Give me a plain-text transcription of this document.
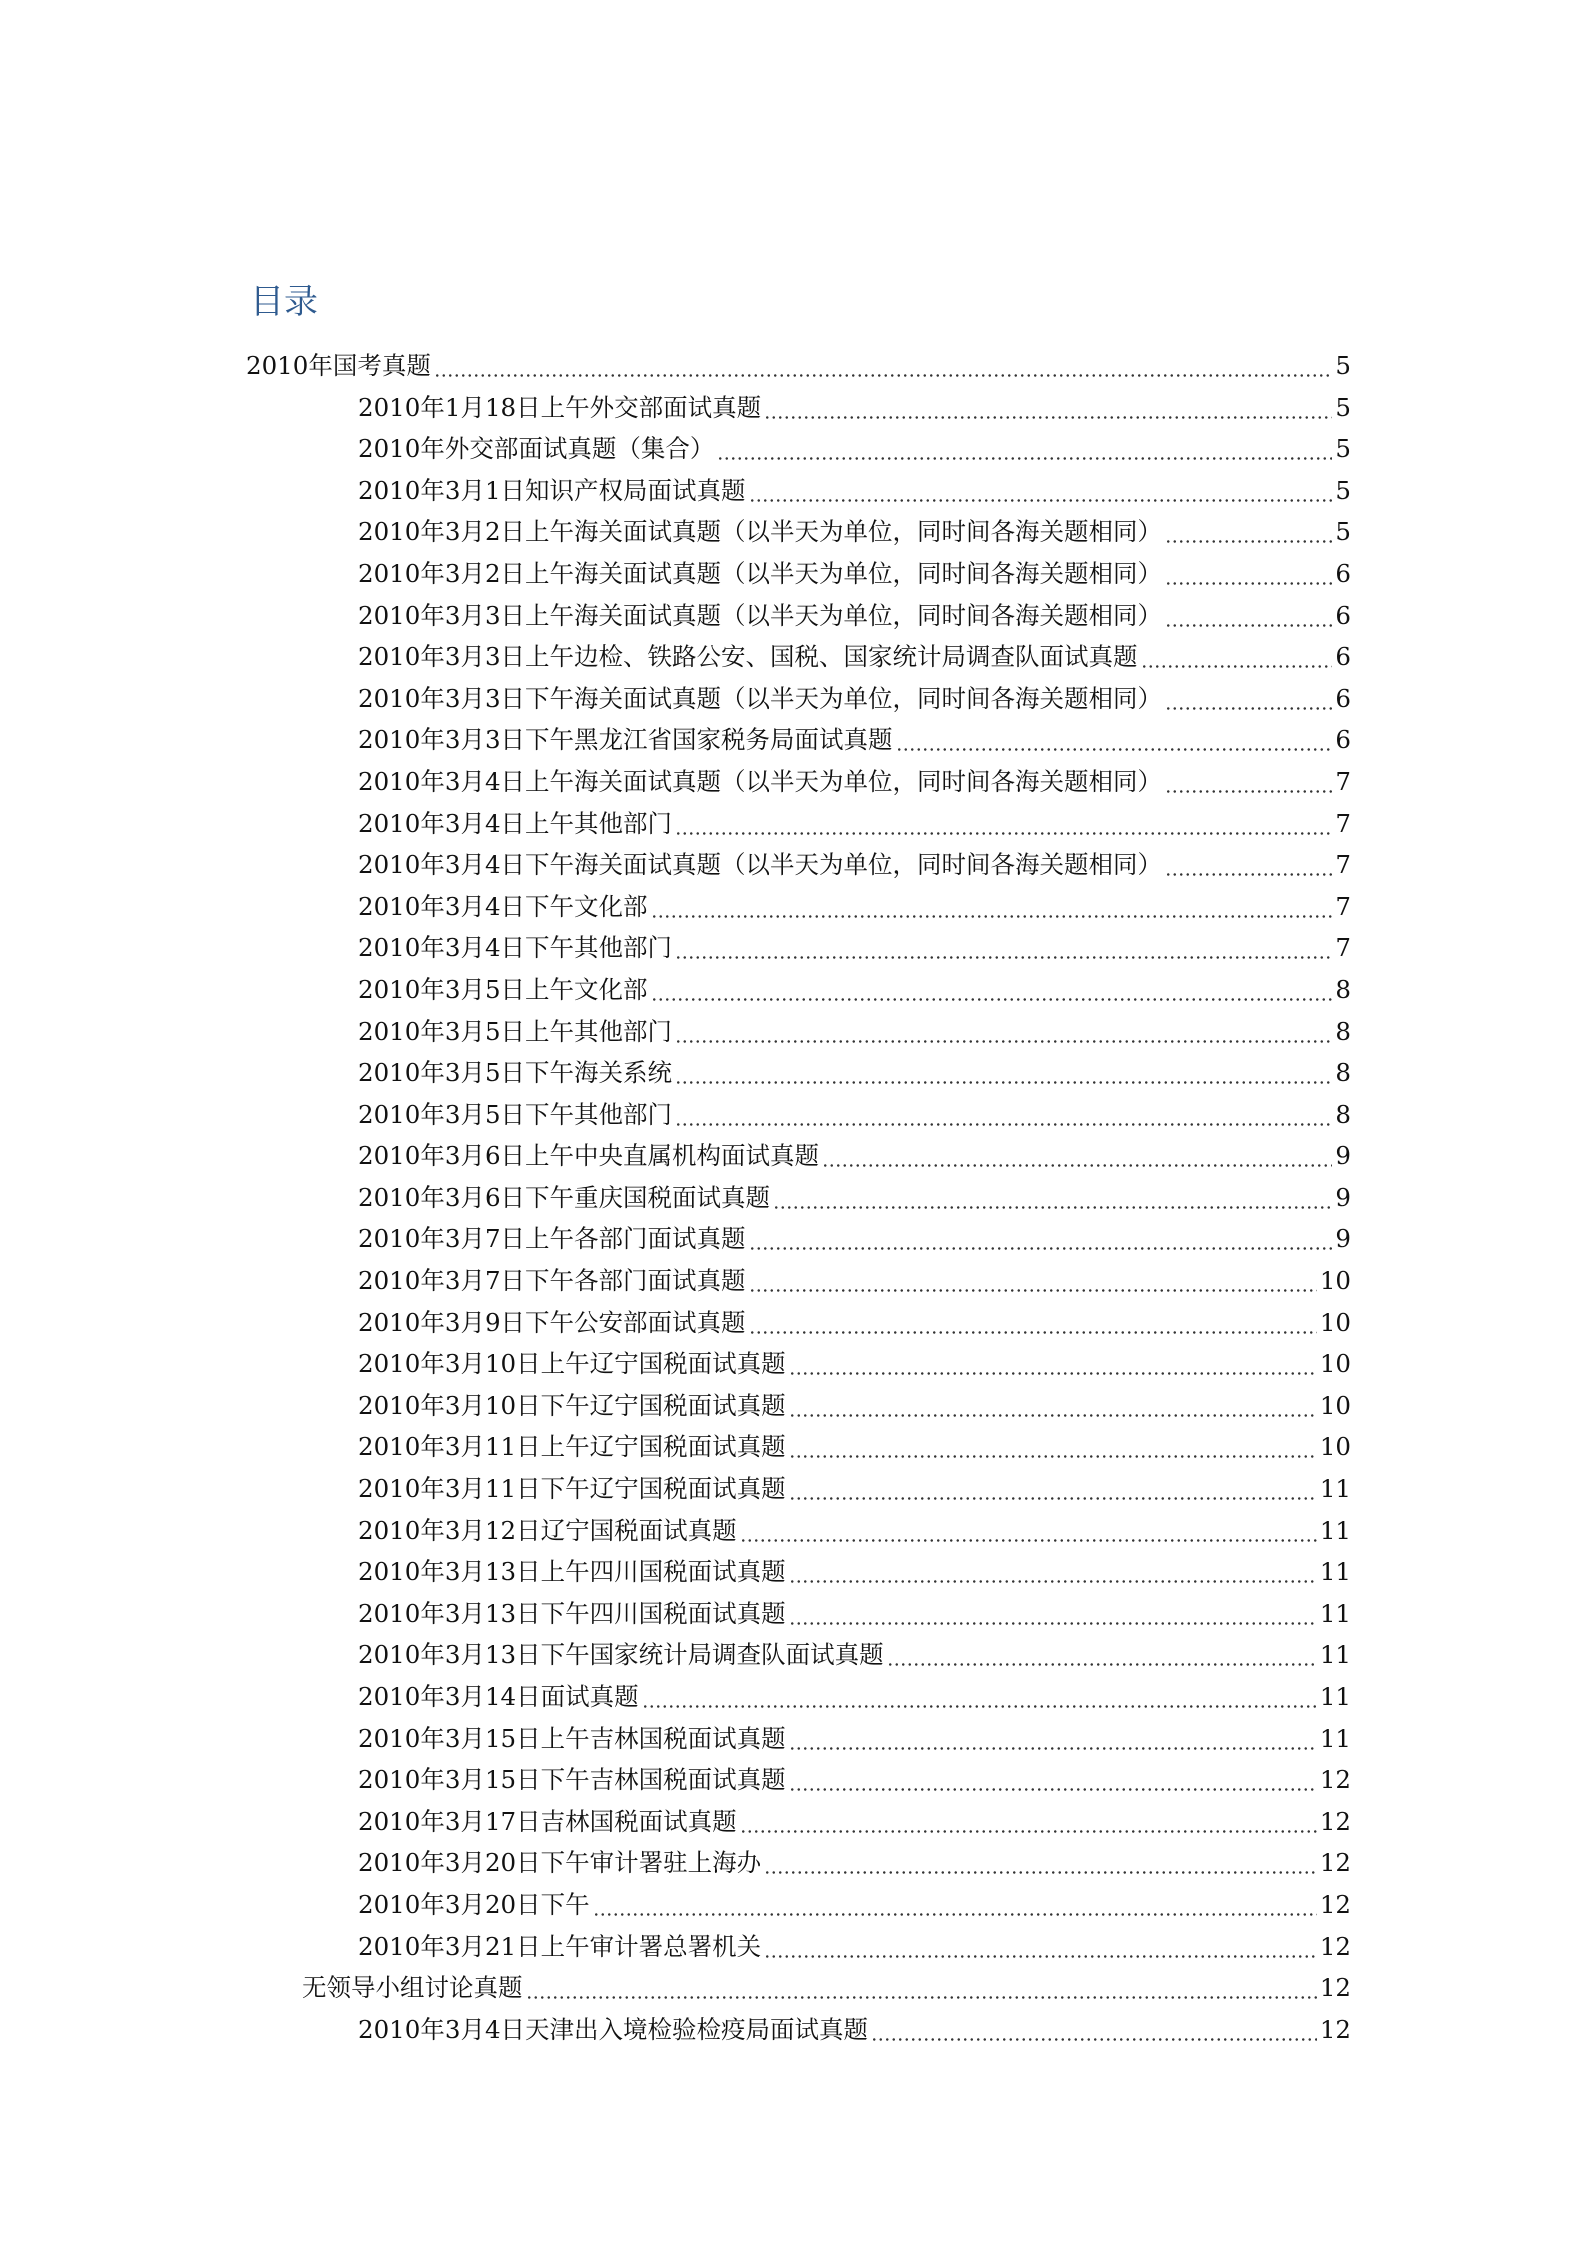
目录
2010年国考真题	5
2010年1月18日上午外交部面试真题	5
2010年外交部面试真题（集合）	5
2010年3月1日知识产权局面试真题	5
2010年3月2日上午海关面试真题（以半天为单位，同时间各海关题相同）	5
2010年3月2日上午海关面试真题（以半天为单位，同时间各海关题相同）	6
2010年3月3日上午海关面试真题（以半天为单位，同时间各海关题相同）	6
2010年3月3日上午边检、铁路公安、国税、国家统计局调查队面试真题	6
2010年3月3日下午海关面试真题（以半天为单位，同时间各海关题相同）	6
2010年3月3日下午黑龙江省国家税务局面试真题	6
2010年3月4日上午海关面试真题（以半天为单位，同时间各海关题相同）	7
2010年3月4日上午其他部门	7
2010年3月4日下午海关面试真题（以半天为单位，同时间各海关题相同）	7
2010年3月4日下午文化部	7
2010年3月4日下午其他部门	7
2010年3月5日上午文化部	8
2010年3月5日上午其他部门	8
2010年3月5日下午海关系统	8
2010年3月5日下午其他部门	8
2010年3月6日上午中央直属机构面试真题	9
2010年3月6日下午重庆国税面试真题	9
2010年3月7日上午各部门面试真题	9
2010年3月7日下午各部门面试真题	10
2010年3月9日下午公安部面试真题	10
2010年3月10日上午辽宁国税面试真题	10
2010年3月10日下午辽宁国税面试真题	10
2010年3月11日上午辽宁国税面试真题	10
2010年3月11日下午辽宁国税面试真题	11
2010年3月12日辽宁国税面试真题	11
2010年3月13日上午四川国税面试真题	11
2010年3月13日下午四川国税面试真题	11
2010年3月13日下午国家统计局调查队面试真题	11
2010年3月14日面试真题	11
2010年3月15日上午吉林国税面试真题	11
2010年3月15日下午吉林国税面试真题	12
2010年3月17日吉林国税面试真题	12
2010年3月20日下午审计署驻上海办	12
2010年3月20日下午	12
2010年3月21日上午审计署总署机关	12
无领导小组讨论真题	12
2010年3月4日天津出入境检验检疫局面试真题	12
